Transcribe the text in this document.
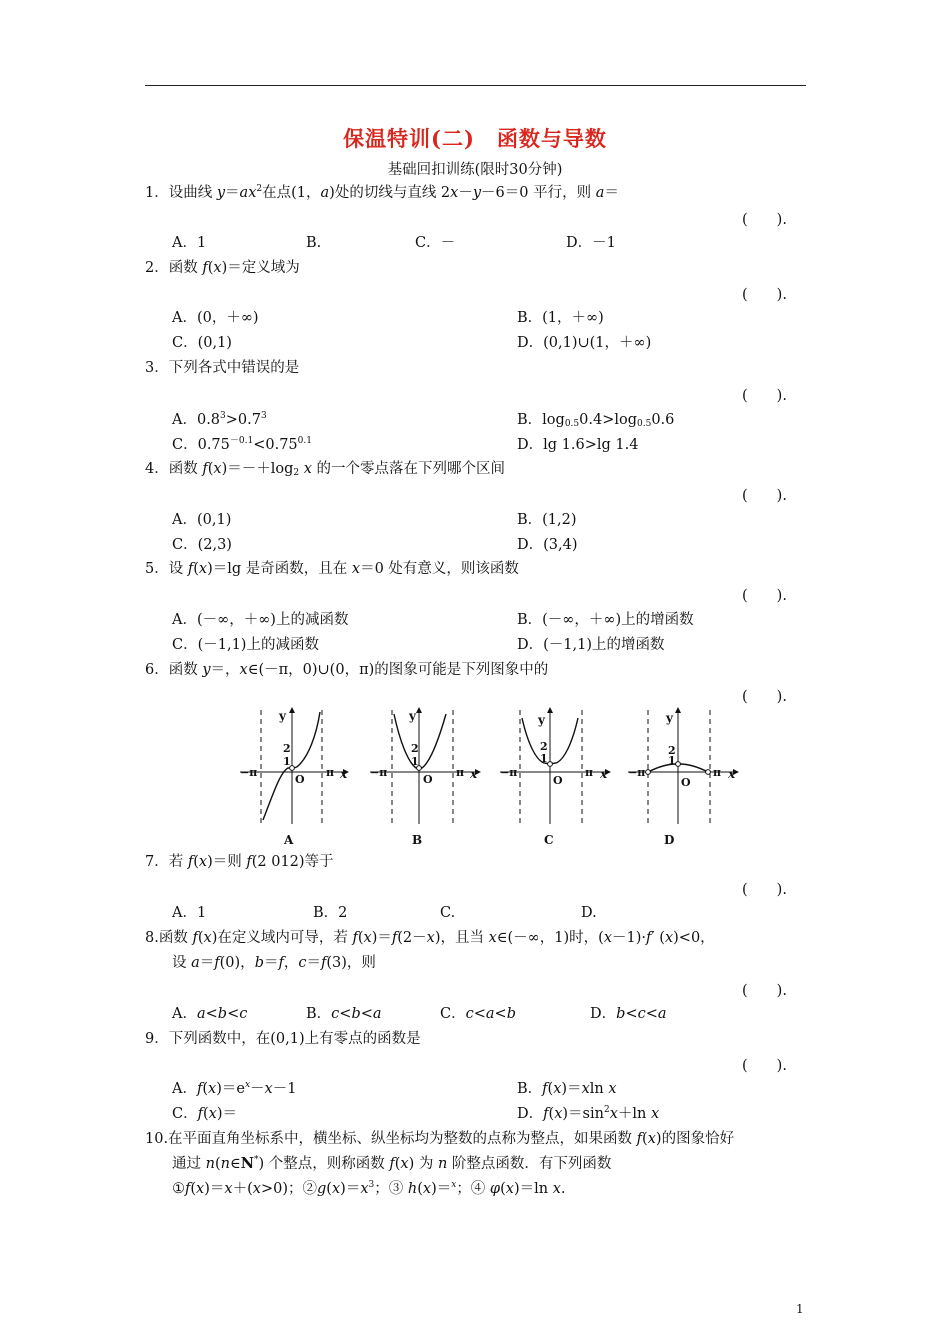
保温特训(二) 函数与导数
基础回扣训练(限时30分钟)
1．设曲线 $y=ax^2$在点(1，a)处的切线与直线 2x－y－6＝0 平行，则 a＝
(　　).
A．1	B.	C．－	D．－1
2．函数 f(x)＝定义域为
(　　).
A．(0，＋∞)	B．(1，＋∞)
C．(0,1)	D．(0,1)∪(1，＋∞)
3．下列各式中错误的是
(　　).
A．$0.8^3>0.7^3$	B．$\log_{0.5}0.4>\log_{0.5}0.6$
C．$0.75^{-0.1}<0.75^{0.1}$	D．lg 1.6>lg 1.4
4．函数 $f(x)=-+\log_2$ x 的一个零点落在下列哪个区间
(　　).
A．(0,1)	B．(1,2)
C．(2,3)	D．(3,4)
5．设 f(x)＝lg 是奇函数，且在 x＝0 处有意义，则该函数
(　　).
A．(－∞，＋∞)上的减函数	B．(－∞，＋∞)上的增函数
C．(－1,1)上的减函数	D．(－1,1)上的增函数
6．函数 y＝，x∈(－π，0)∪(0，π)的图象可能是下列图象中的
(　　).
y
−π	π x
2
1
O
A
y
−π	π x
2
1
O
B
y
−π	π x
2
1
O
C
y
−π	π x
2
1
O
D
7．若 f(x)＝则 f(2 012)等于
(　　).
A．1	B．2	C.	D.
8.函数 f(x)在定义域内可导，若 f(x)＝f(2－x)，且当 x∈(－∞，1)时，(x－1)·f′ (x)<0，
设 a＝f(0)，b＝f，c＝f(3)，则
(　　).
A．a<b<c	B．c<b<a	C．c<a<b	D．b<c<a
9．下列函数中，在(0,1)上有零点的函数是
(　　).
A．$f(x)=e^x-x-1$	B．f(x)＝xln x
C．f(x)＝	D．$f(x)=\sin^2x+\ln$ x
10.在平面直角坐标系中，横坐标、纵坐标均为整数的点称为整点，如果函数 f(x)的图象恰好
通过 n(n∈N*) 个整点，则称函数 f(x) 为 n 阶整点函数．有下列函数
①f(x)＝x＋(x>0)；$②g(x)=x^3$；③ h(x)＝$^x$；④ φ(x)＝ln x.
1
